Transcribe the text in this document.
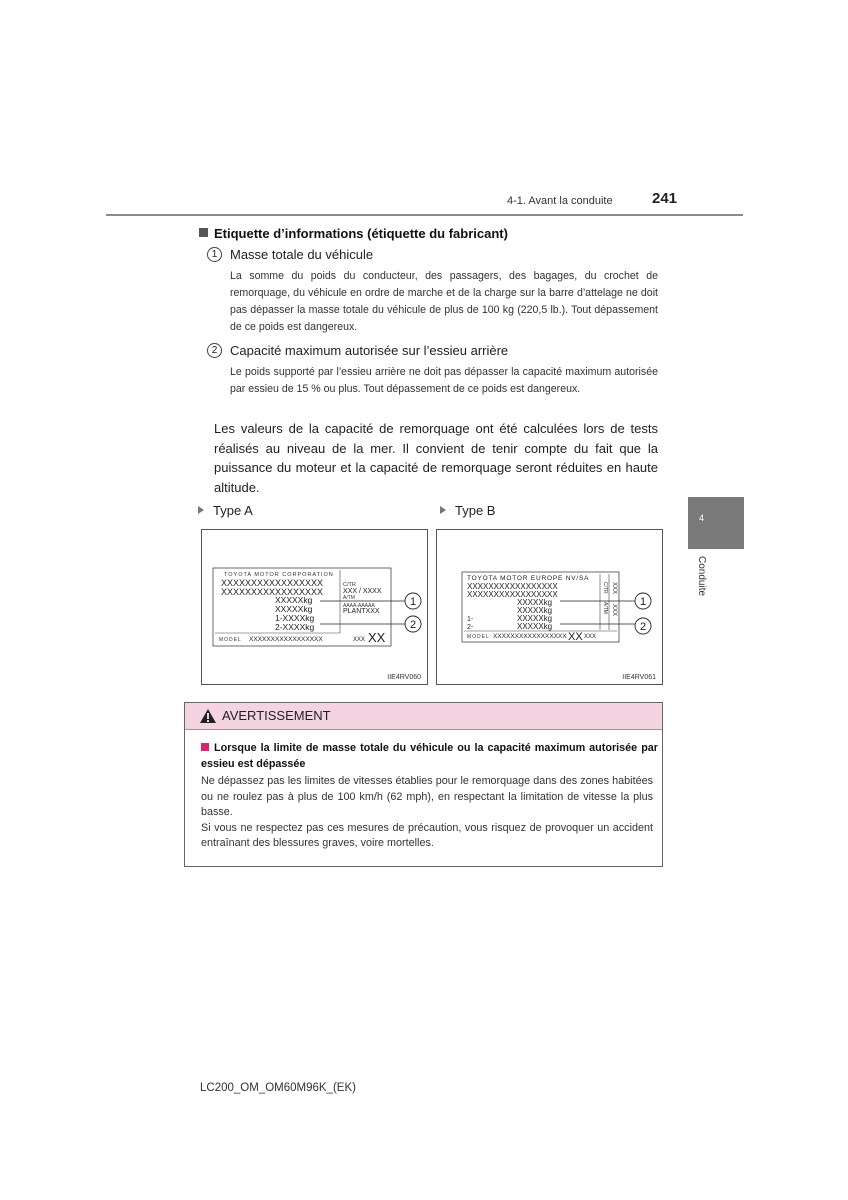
4-1. Avant la conduite	241
4
Conduite
Etiquette d’informations (étiquette du fabricant)
1 Masse totale du véhicule
La somme du poids du conducteur, des passagers, des bagages, du crochet de remorquage, du véhicule en ordre de marche et de la charge sur la barre d’attelage ne doit pas dépasser la masse totale du véhicule de plus de 100 kg (220,5 lb.). Tout dépassement de ce poids est dangereux.
2 Capacité maximum autorisée sur l’essieu arrière
Le poids supporté par l’essieu arrière ne doit pas dépasser la capacité maximum autorisée par essieu de 15 % ou plus. Tout dépassement de ce poids est dangereux.
Les valeurs de la capacité de remorquage ont été calculées lors de tests réalisés au niveau de la mer. Il convient de tenir compte du fait que la puissance du moteur et la capacité de remorquage seront réduites en haute altitude.
Type A	Type B
TOYOTA MOTOR CORPORATION
XXXXXXXXXXXXXXXXX
XXXXXXXXXXXXXXXXX
C/TR
XXX / XXXX
A/TM
AAAA-AAAAA
PLANTXXX
XXXXXkg
XXXXXkg
1-XXXXkg
2-XXXXkg
MODEL XXXXXXXXXXXXXXXXX	XXX XX
1
2
IIE4RV060
TOYOTA MOTOR EUROPE NV/SA
XXXXXXXXXXXXXXXXX
XXXXXXXXXXXXXXXXX
C/TR XXX
A/TM XXX
XXXXXkg
XXXXXkg
1-	XXXXXkg
2-	XXXXXkg
MODEL XXXXXXXXXXXXXXXXX XX XXX
1
2
IIE4RV061
AVERTISSEMENT
Lorsque la limite de masse totale du véhicule ou la capacité maximum autorisée par essieu est dépassée
Ne dépassez pas les limites de vitesses établies pour le remorquage dans des zones habitées ou ne roulez pas à plus de 100 km/h (62 mph), en respectant la limitation de vitesse la plus basse.
Si vous ne respectez pas ces mesures de précaution, vous risquez de provoquer un accident entraînant des blessures graves, voire mortelles.
LC200_OM_OM60M96K_(EK)
